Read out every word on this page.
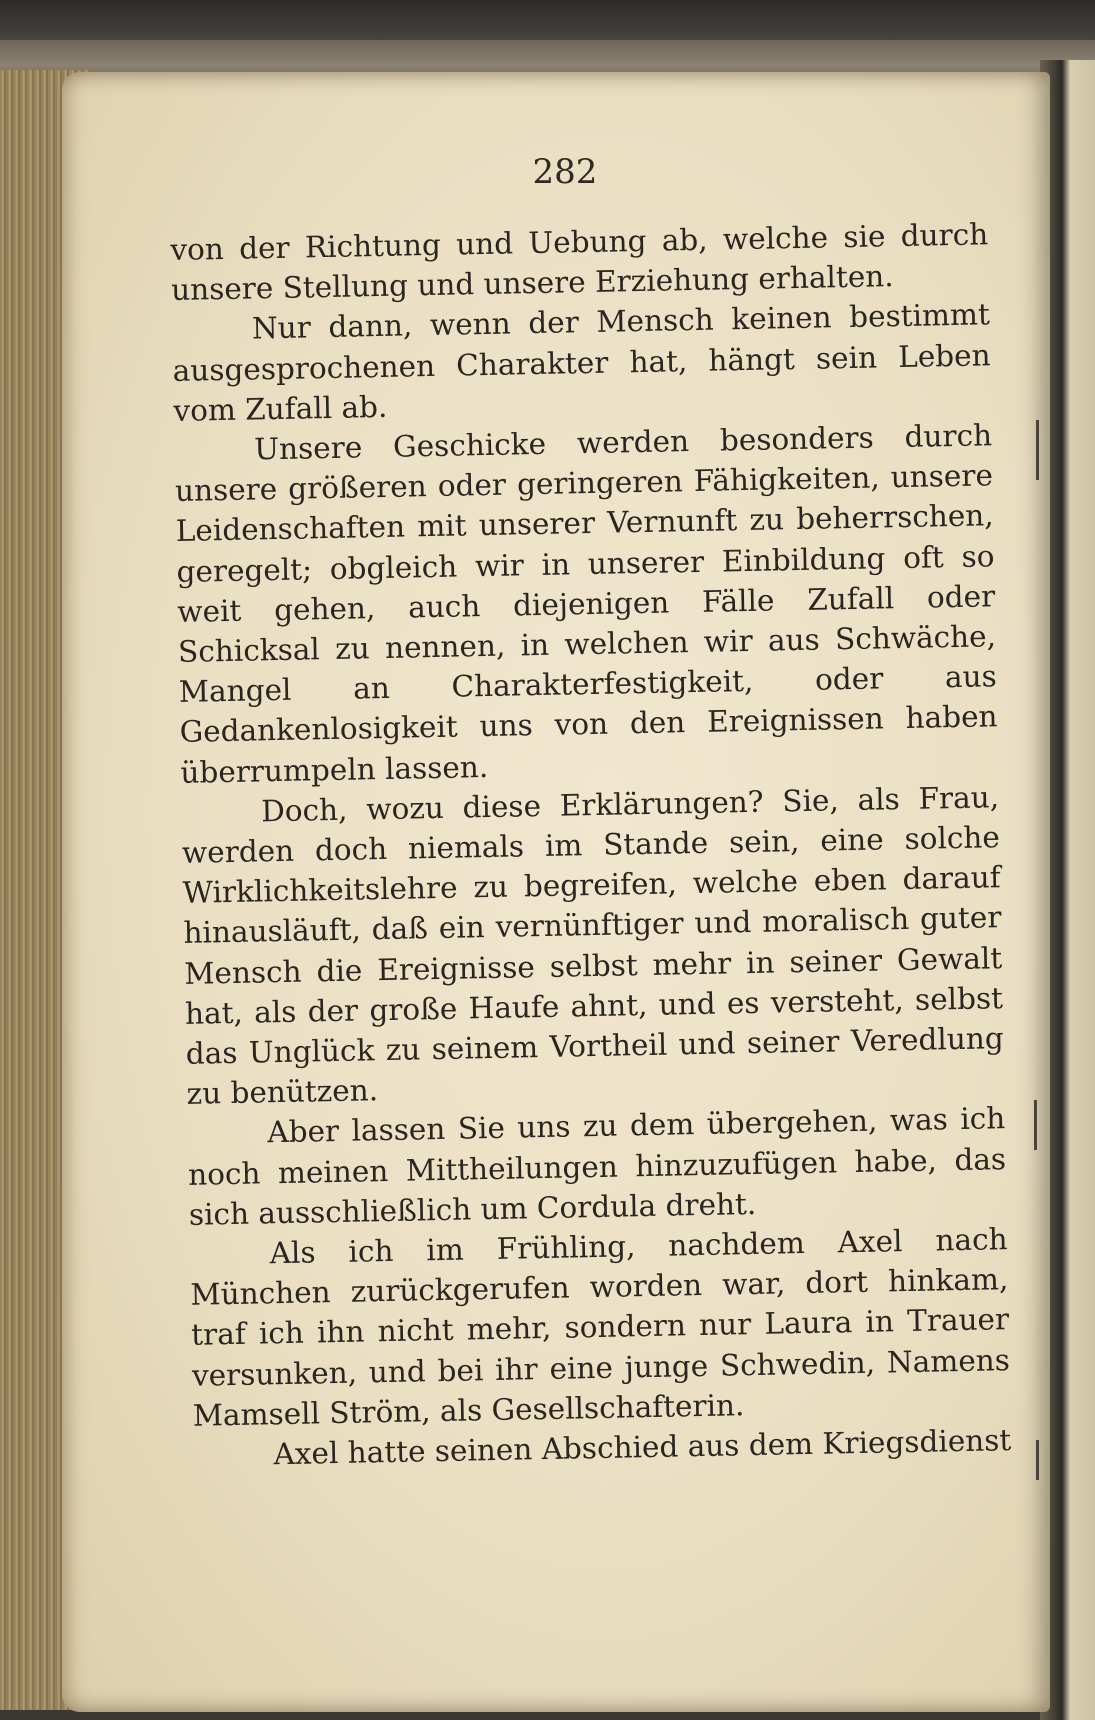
282

von der Richtung und Uebung ab, welche sie durch unsere Stellung und unsere Erziehung erhalten.

Nur dann, wenn der Mensch keinen bestimmt ausgesprochenen Charakter hat, hängt sein Leben vom Zufall ab.

Unsere Geschicke werden besonders durch unsere größeren oder geringeren Fähigkeiten, unsere Leidenschaften mit unserer Vernunft zu beherrschen, geregelt; obgleich wir in unserer Einbildung oft so weit gehen, auch diejenigen Fälle Zufall oder Schicksal zu nennen, in welchen wir aus Schwäche, Mangel an Charakterfestigkeit, oder aus Gedankenlosigkeit uns von den Ereignissen haben überrumpeln lassen.

Doch, wozu diese Erklärungen? Sie, als Frau, werden doch niemals im Stande sein, eine solche Wirklichkeitslehre zu begreifen, welche eben darauf hinausläuft, daß ein vernünftiger und moralisch guter Mensch die Ereignisse selbst mehr in seiner Gewalt hat, als der große Haufe ahnt, und es versteht, selbst das Unglück zu seinem Vortheil und seiner Veredlung zu benützen.

Aber lassen Sie uns zu dem übergehen, was ich noch meinen Mittheilungen hinzuzufügen habe, das sich ausschließlich um Cordula dreht.

Als ich im Frühling, nachdem Axel nach München zurückgerufen worden war, dort hinkam, traf ich ihn nicht mehr, sondern nur Laura in Trauer versunken, und bei ihr eine junge Schwedin, Namens Mamsell Ström, als Gesellschafterin.

Axel hatte seinen Abschied aus dem Kriegsdienst
